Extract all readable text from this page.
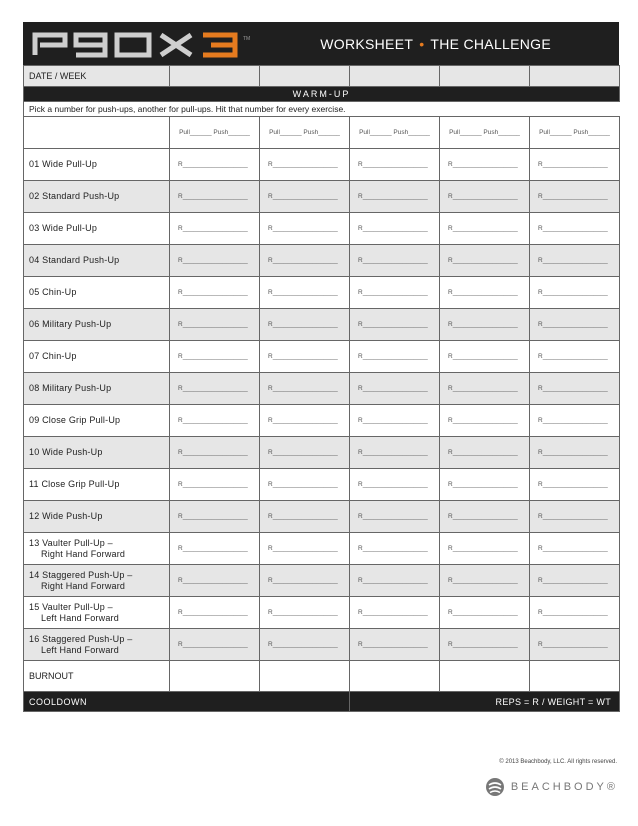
TM	WORKSHEET • THE CHALLENGE
DATE / WEEK					
WARM-UP					
Pick a number for push-ups, another for pull-ups. Hit that number for every exercise.					
	Pull______ Push______	Pull______ Push______	Pull______ Push______	Pull______ Push______	Pull______ Push______

01 Wide Pull-Up	R__________________	R__________________	R__________________	R__________________	R__________________

02 Standard Push-Up	R__________________	R__________________	R__________________	R__________________	R__________________

03 Wide Pull-Up	R__________________	R__________________	R__________________	R__________________	R__________________

04 Standard Push-Up	R__________________	R__________________	R__________________	R__________________	R__________________

05 Chin-Up	R__________________	R__________________	R__________________	R__________________	R__________________

06 Military Push-Up	R__________________	R__________________	R__________________	R__________________	R__________________

07 Chin-Up	R__________________	R__________________	R__________________	R__________________	R__________________

08 Military Push-Up	R__________________	R__________________	R__________________	R__________________	R__________________

09 Close Grip Pull-Up	R__________________	R__________________	R__________________	R__________________	R__________________

10 Wide Push-Up	R__________________	R__________________	R__________________	R__________________	R__________________

11 Close Grip Pull-Up	R__________________	R__________________	R__________________	R__________________	R__________________

12 Wide Push-Up	R__________________	R__________________	R__________________	R__________________	R__________________

13 Vaulter Pull-Up –
Right Hand Forward	R__________________	R__________________	R__________________	R__________________	R__________________

14 Staggered Push-Up –
Right Hand Forward	R__________________	R__________________	R__________________	R__________________	R__________________

15 Vaulter Pull-Up –
Left Hand Forward	R__________________	R__________________	R__________________	R__________________	R__________________

16 Staggered Push-Up –
Left Hand Forward	R__________________	R__________________	R__________________	R__________________	R__________________
BURNOUT					
COOLDOWN			REPS = R / WEIGHT = WT		
© 2013 Beachbody, LLC. All rights reserved.
BEACHBODY®
